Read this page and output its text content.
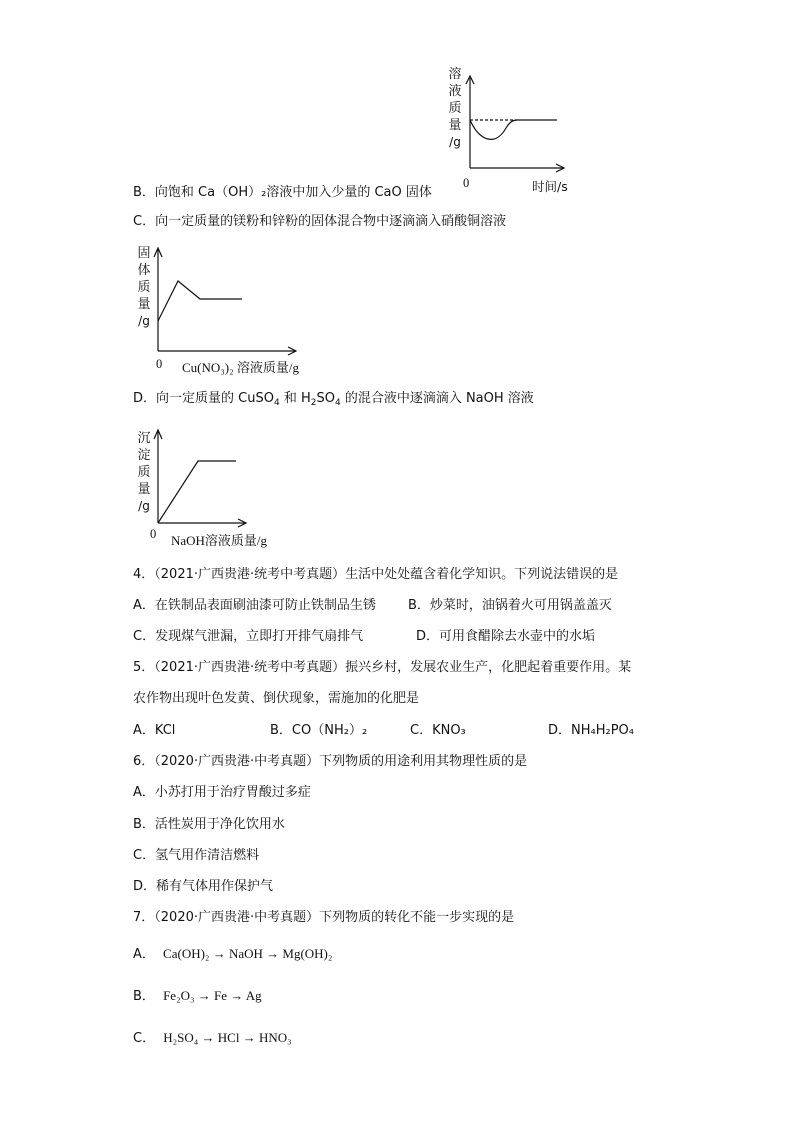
溶
液
质
量
/g
0	时间/s
B．向饱和 Ca（OH）₂溶液中加入少量的 CaO 固体
C．向一定质量的镁粉和锌粉的固体混合物中逐滴滴入硝酸铜溶液
固
体
质
量
/g
0 Cu(NO₃)₂ 溶液质量/g
D．向一定质量的 CuSO$_4$ 和 $H_2SO_4$ 的混合液中逐滴滴入 NaOH 溶液
沉
淀
质
量
/g
0 NaOH溶液质量/g
4．（2021·广西贵港·统考中考真题）生活中处处蕴含着化学知识。下列说法错误的是
A．在铁制品表面刷油漆可防止铁制品生锈 B．炒菜时，油锅着火可用锅盖盖灭
C．发现煤气泄漏，立即打开排气扇排气	D．可用食醋除去水壶中的水垢
5．（2021·广西贵港·统考中考真题）振兴乡村，发展农业生产，化肥起着重要作用。某
农作物出现叶色发黄、倒伏现象，需施加的化肥是
A．KCl	B．CO（NH₂）₂	C．KNO₃	D．NH₄H₂PO₄
6．（2020·广西贵港·中考真题）下列物质的用途利用其物理性质的是
A．小苏打用于治疗胃酸过多症
B．活性炭用于净化饮用水
C．氢气用作清洁燃料
D．稀有气体用作保护气
7．（2020·广西贵港·中考真题）下列物质的转化不能一步实现的是
A． Ca(OH)₂ → NaOH → Mg(OH)₂
B． Fe₂O₃ → Fe → Ag
C． H₂SO₄ → HCl → HNO₃
